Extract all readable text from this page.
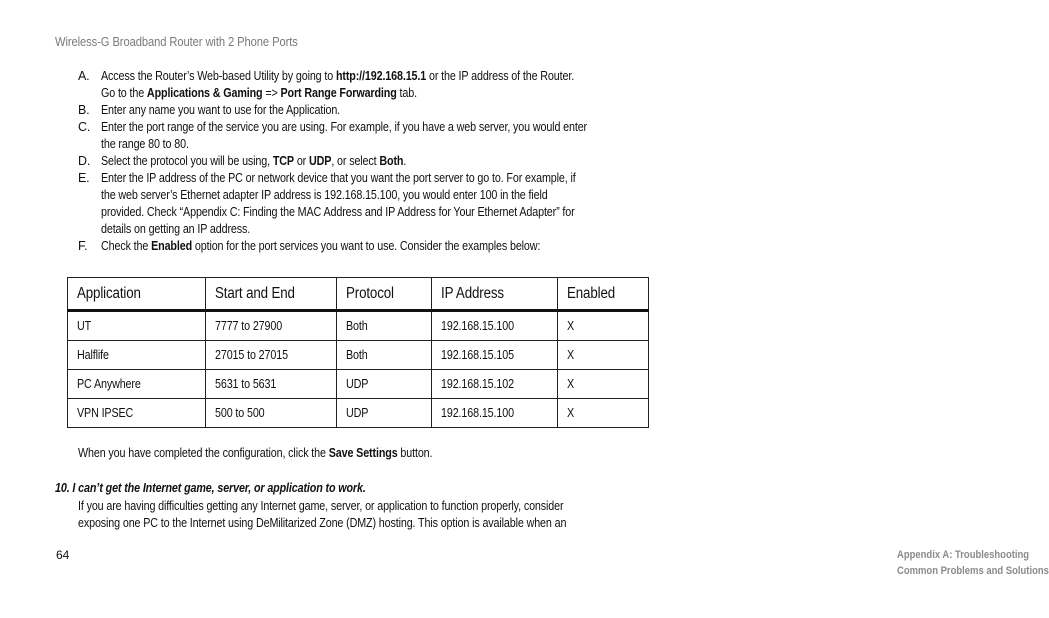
Wireless-G Broadband Router with 2 Phone Ports
A. Access the Router’s Web-based Utility by going to http://192.168.15.1 or the IP address of the Router.
Go to the Applications & Gaming => Port Range Forwarding tab.
B. Enter any name you want to use for the Application.
C. Enter the port range of the service you are using. For example, if you have a web server, you would enter
the range 80 to 80.
D. Select the protocol you will be using, TCP or UDP, or select Both.
E. Enter the IP address of the PC or network device that you want the port server to go to. For example, if
the web server’s Ethernet adapter IP address is 192.168.15.100, you would enter 100 in the field
provided. Check “Appendix C: Finding the MAC Address and IP Address for Your Ethernet Adapter” for
details on getting an IP address.
F. Check the Enabled option for the port services you want to use. Consider the examples below:
Application	Start and End	Protocol	IP Address	Enabled
UT	7777 to 27900	Both	192.168.15.100	X
Halflife	27015 to 27015	Both	192.168.15.105	X
PC Anywhere	5631 to 5631	UDP	192.168.15.102	X
VPN IPSEC	500 to 500	UDP	192.168.15.100	X
When you have completed the configuration, click the Save Settings button.
10. I can’t get the Internet game, server, or application to work.
If you are having difficulties getting any Internet game, server, or application to function properly, consider
exposing one PC to the Internet using DeMilitarized Zone (DMZ) hosting. This option is available when an
64	Appendix A: Troubleshooting
Common Problems and Solutions
